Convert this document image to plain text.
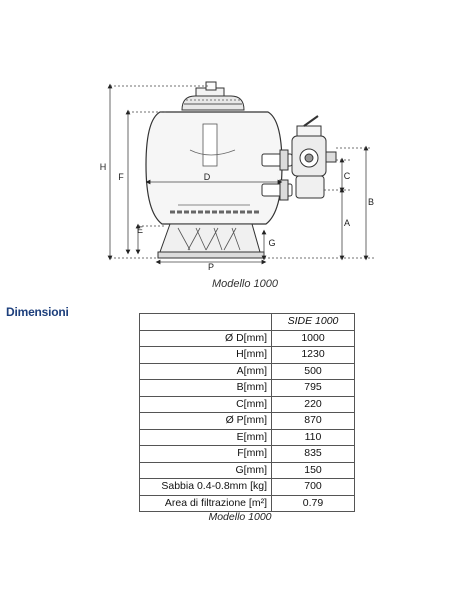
H
F
E
D
P
G
C
A
B
Modello 1000
Dimensioni
	SIDE 1000
Ø D[mm]	1000
H[mm]	1230
A[mm]	500
B[mm]	795
C[mm]	220
Ø P[mm]	870
E[mm]	110
F[mm]	835
G[mm]	150
Sabbia 0.4-0.8mm [kg]	700
Area di filtrazione [m²]	0.79
Modello 1000
